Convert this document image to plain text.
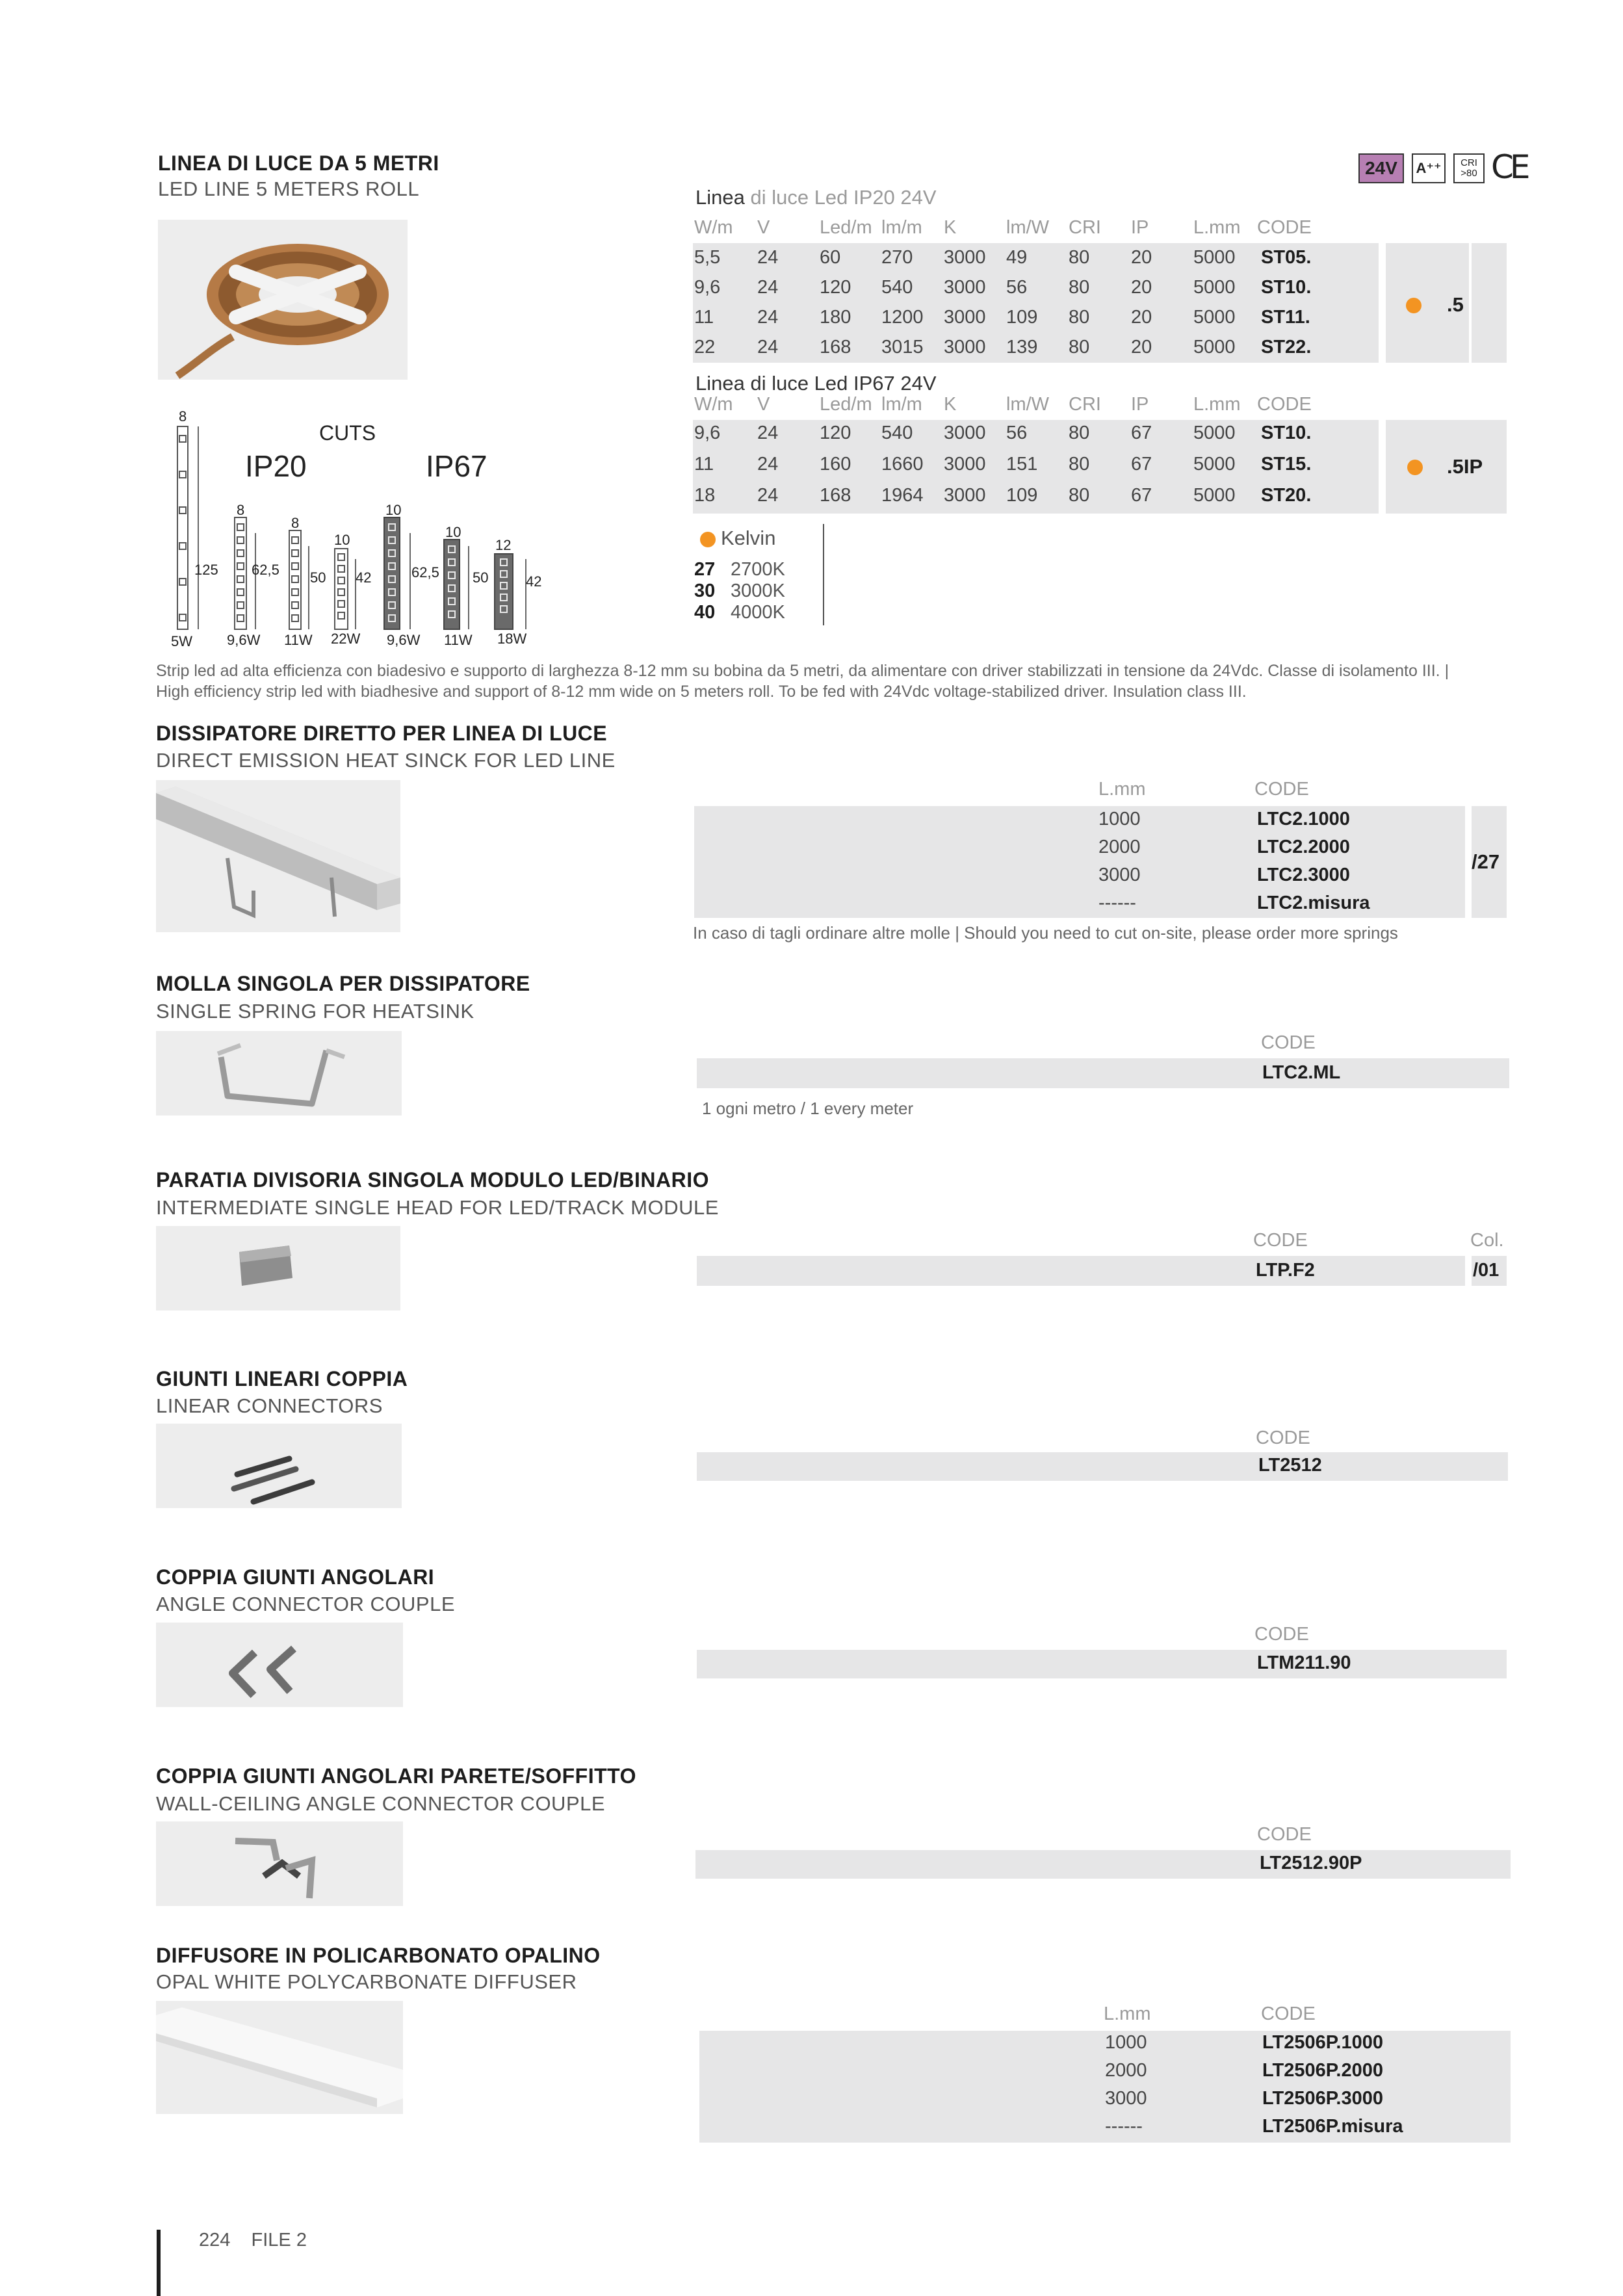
24V	A⁺⁺	CRI
>80 CE
LINEA DI LUCE DA 5 METRI
LED LINE 5 METERS ROLL
CUTS
IP20	IP67
8
8
8
10
10
10
12
125 62,5 50 42	62,5 50	42
5W 9,6W 11W 22W 9,6W 11W 18W
Linea di luce Led IP20 24V
W/m V	Led/m lm/m K	lm/W CRI IP L.mm CODE
5,5 24 60 270 3000 49 80 20 5000 ST05.
9,6 24 120 540 3000 56 80 20 5000 ST10.
11 24 180 1200 3000 109 80 20 5000 ST11.
22 24 168 3015 3000 139 80 20 5000 ST22.
.5
Linea di luce Led IP67 24V
W/m V	Led/m lm/m K	lm/W CRI IP L.mm CODE
9,6 24 120 540 3000 56 80 67 5000 ST10.
11 24 160 1660 3000 151 80 67 5000 ST15.
18 24 168 1964 3000 109 80 67 5000 ST20.
.5IP
Kelvin
27 2700K
30 3000K
40 4000K
Strip led ad alta efficienza con biadesivo e supporto di larghezza 8-12 mm su bobina da 5 metri, da alimentare con driver stabilizzati in tensione da 24Vdc. Classe di isolamento III. |
High efficiency strip led with biadhesive and support of 8-12 mm wide on 5 meters roll. To be fed with 24Vdc voltage-stabilized driver. Insulation class III.
DISSIPATORE DIRETTO PER LINEA DI LUCE
DIRECT EMISSION HEAT SINCK FOR LED LINE
L.mm	CODE
1000	LTC2.1000
2000	LTC2.2000
3000	LTC2.3000
------	LTC2.misura
/27
In caso di tagli ordinare altre molle | Should you need to cut on-site, please order more springs
MOLLA SINGOLA PER DISSIPATORE
SINGLE SPRING FOR HEATSINK
CODE
LTC2.ML
1 ogni metro / 1 every meter
PARATIA DIVISORIA SINGOLA MODULO LED/BINARIO
INTERMEDIATE SINGLE HEAD FOR LED/TRACK MODULE
CODE	Col.
LTP.F2	/01
GIUNTI LINEARI COPPIA
LINEAR CONNECTORS
CODE
LT2512
COPPIA GIUNTI ANGOLARI
ANGLE CONNECTOR COUPLE
CODE
LTM211.90
COPPIA GIUNTI ANGOLARI PARETE/SOFFITTO
WALL-CEILING ANGLE CONNECTOR COUPLE
CODE
LT2512.90P
DIFFUSORE IN POLICARBONATO OPALINO
OPAL WHITE POLYCARBONATE DIFFUSER
L.mm	CODE
1000	LT2506P.1000
2000	LT2506P.2000
3000	LT2506P.3000
------	LT2506P.misura
224 FILE 2
